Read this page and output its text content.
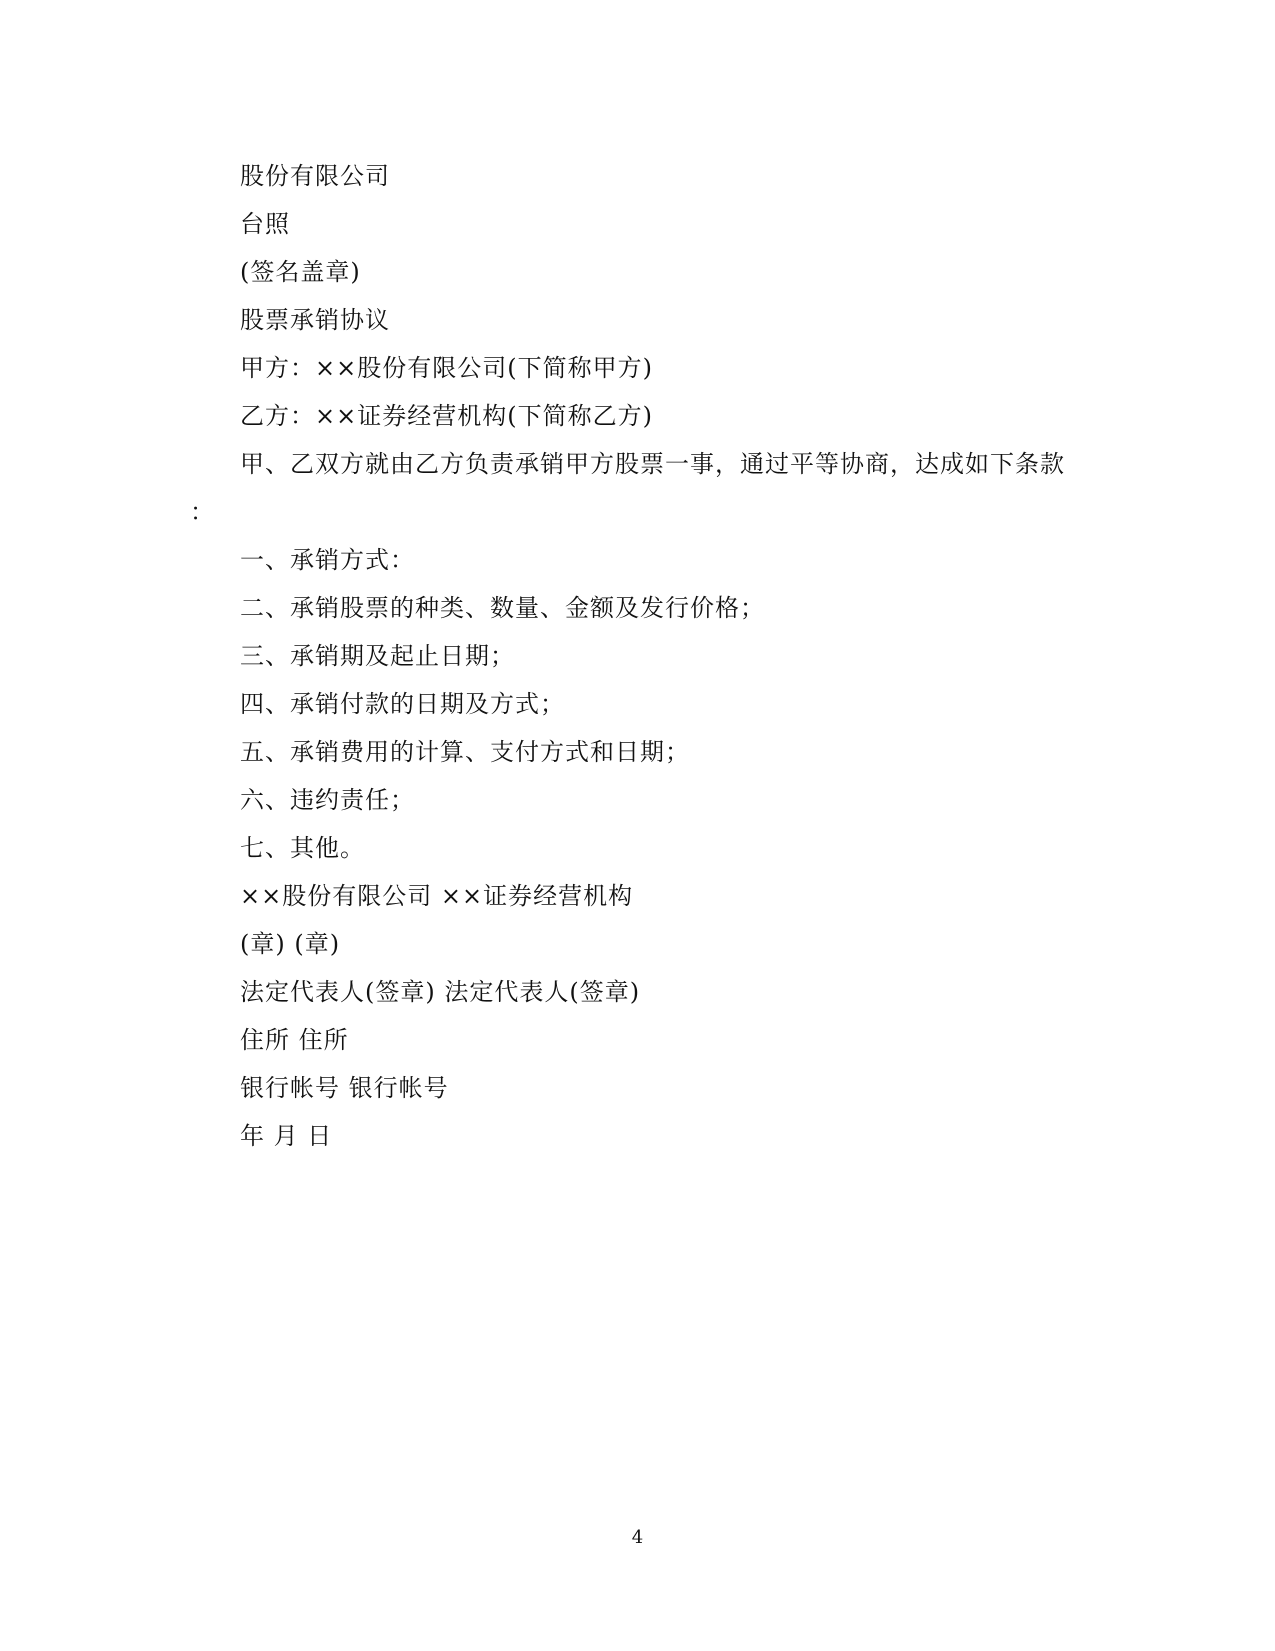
股份有限公司
台照
(签名盖章)
股票承销协议
甲方：××股份有限公司(下简称甲方)
乙方：××证券经营机构(下简称乙方)
甲、乙双方就由乙方负责承销甲方股票一事，通过平等协商，达成如下条款
：
一、承销方式：
二、承销股票的种类、数量、金额及发行价格；
三、承销期及起止日期；
四、承销付款的日期及方式；
五、承销费用的计算、支付方式和日期；
六、违约责任；
七、其他。
××股份有限公司 ××证券经营机构
(章) (章)
法定代表人(签章) 法定代表人(签章)
住所 住所
银行帐号 银行帐号
年 月 日
4
